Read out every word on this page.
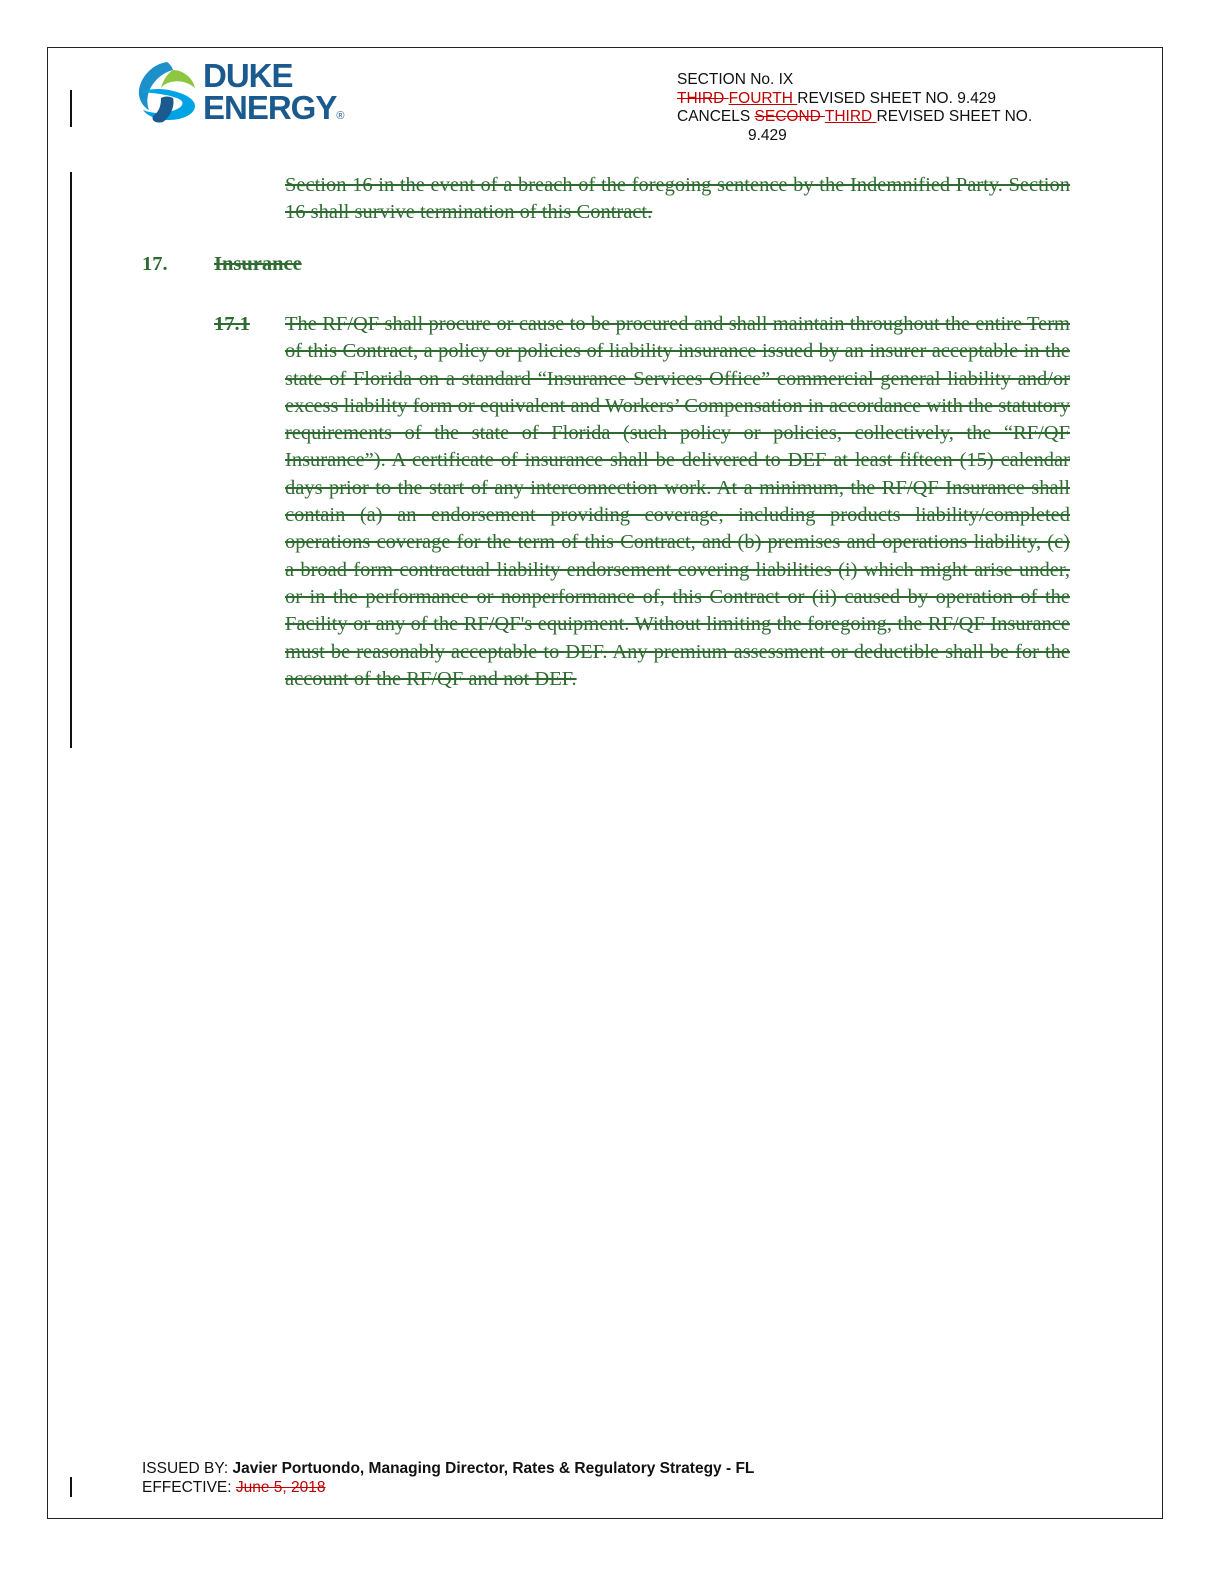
DUKE
ENERGY®
SECTION No. IX
THIRD FOURTH REVISED SHEET NO. 9.429
CANCELS SECOND THIRD REVISED SHEET NO.
9.429
Section 16 in the event of a breach of the foregoing sentence by the Indemnified Party. Section 16 shall survive termination of this Contract.
17. Insurance
17.1 The RF/QF shall procure or cause to be procured and shall maintain throughout the entire Term of this Contract, a policy or policies of liability insurance issued by an insurer acceptable in the state of Florida on a standard “Insurance Services Office” commercial general liability and/or excess liability form or equivalent and Workers’ Compensation in accordance with the statutory requirements of the state of Florida (such policy or policies, collectively, the “RF/QF Insurance”). A certificate of insurance shall be delivered to DEF at least fifteen (15) calendar days prior to the start of any interconnection work. At a minimum, the RF/QF Insurance shall contain (a) an endorsement providing coverage, including products liability/completed operations coverage for the term of this Contract, and (b) premises and operations liability, (c) a broad form contractual liability endorsement covering liabilities (i) which might arise under, or in the performance or nonperformance of, this Contract or (ii) caused by operation of the Facility or any of the RF/QF's equipment. Without limiting the foregoing, the RF/QF Insurance must be reasonably acceptable to DEF. Any premium assessment or deductible shall be for the account of the RF/QF and not DEF.
ISSUED BY: Javier Portuondo, Managing Director, Rates & Regulatory Strategy - FL
EFFECTIVE: June 5, 2018
